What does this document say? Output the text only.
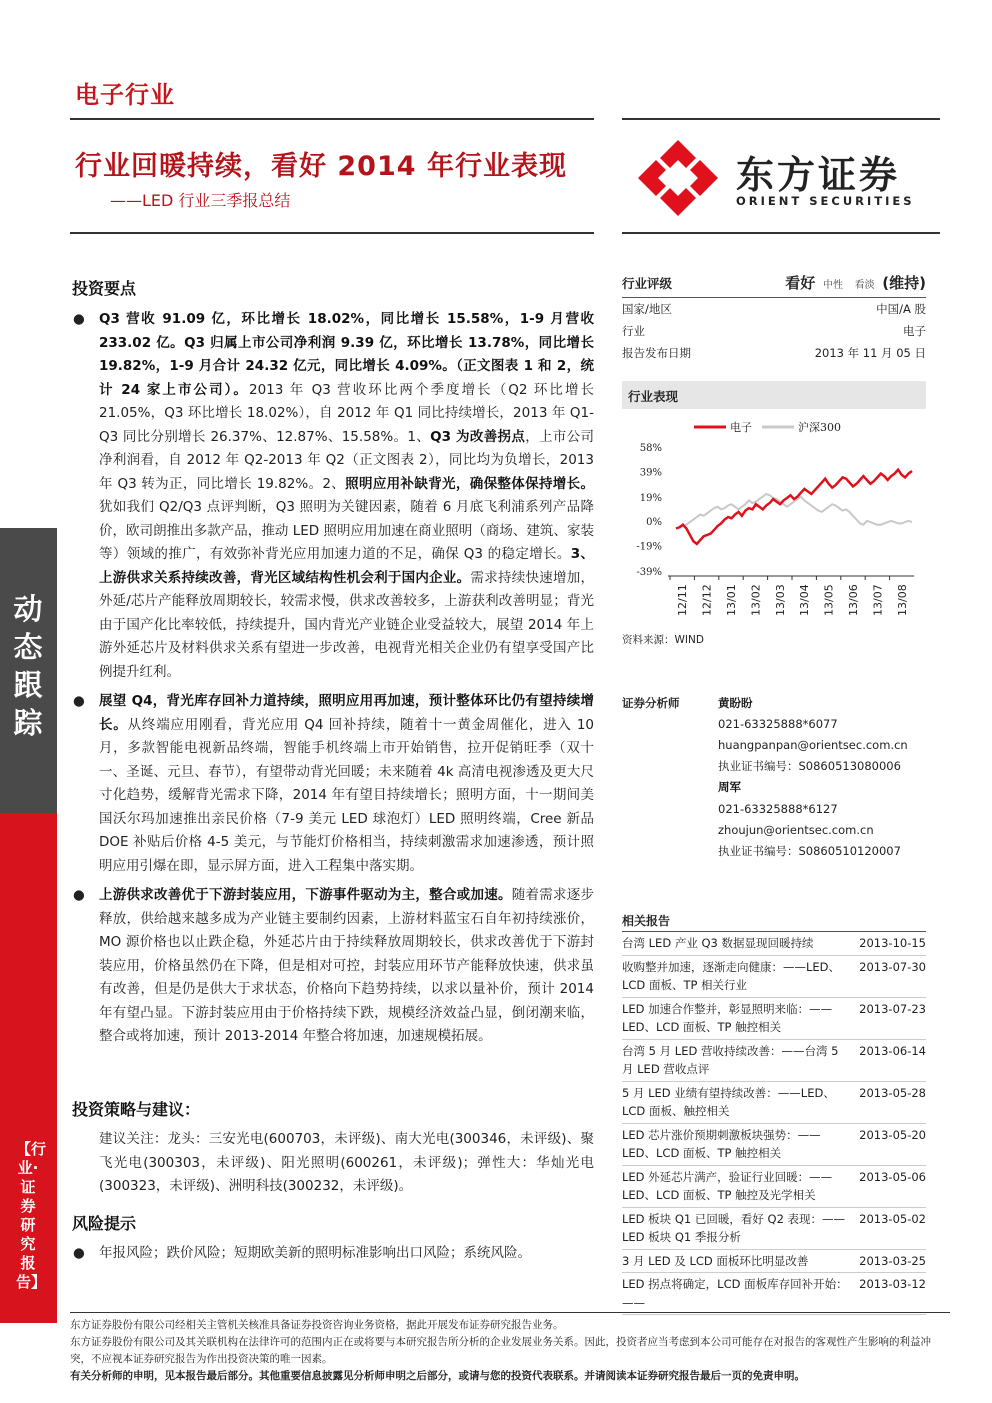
电子行业
行业回暖持续，看好 2014 年行业表现
——LED 行业三季报总结
东方证券
ORIENT SECURITIES
动态跟踪
【行业·证券研究报告】
投资要点
● Q3 营收 91.09 亿，环比增长 18.02%，同比增长 15.58%，1-9 月营收 233.02 亿。Q3 归属上市公司净利润 9.39 亿，环比增长 13.78%，同比增长 19.82%，1-9 月合计 24.32 亿元，同比增长 4.09%。（正文图表 1 和 2，统计 24 家上市公司）。2013 年 Q3 营收环比两个季度增长（Q2 环比增长 21.05%，Q3 环比增长 18.02%），自 2012 年 Q1 同比持续增长，2013 年 Q1-Q3 同比分别增长 26.37%、12.87%、15.58%。1、Q3 为改善拐点，上市公司净利润看，自 2012 年 Q2-2013 年 Q2（正文图表 2），同比均为负增长，2013 年 Q3 转为正，同比增长 19.82%。2、照明应用补缺背光，确保整体保持增长。犹如我们 Q2/Q3 点评判断，Q3 照明为关键因素，随着 6 月底飞利浦系列产品降价，欧司朗推出多款产品，推动 LED 照明应用加速在商业照明（商场、建筑、家装等）领域的推广，有效弥补背光应用加速力道的不足，确保 Q3 的稳定增长。3、上游供求关系持续改善，背光区域结构性机会利于国内企业。需求持续快速增加，外延/芯片产能释放周期较长，较需求慢，供求改善较多，上游获利改善明显；背光由于国产化比率较低，持续提升，国内背光产业链企业受益较大，展望 2014 年上游外延芯片及材料供求关系有望进一步改善，电视背光相关企业仍有望享受国产比例提升红利。
● 展望 Q4，背光库存回补力道持续，照明应用再加速，预计整体环比仍有望持续增长。从终端应用刚看，背光应用 Q4 回补持续，随着十一黄金周催化，进入 10 月，多款智能电视新品终端，智能手机终端上市开始销售，拉开促销旺季（双十一、圣诞、元旦、春节），有望带动背光回暖；未来随着 4k 高清电视渗透及更大尺寸化趋势，缓解背光需求下降，2014 年有望目持续增长；照明方面，十一期间美国沃尔玛加速推出亲民价格（7-9 美元 LED 球泡灯）LED 照明终端，Cree 新品 DOE 补贴后价格 4-5 美元，与节能灯价格相当，持续刺激需求加速渗透，预计照明应用引爆在即，显示屏方面，进入工程集中落实期。
● 上游供求改善优于下游封装应用，下游事件驱动为主，整合或加速。随着需求逐步释放，供给越来越多成为产业链主要制约因素，上游材料蓝宝石自年初持续涨价，MO 源价格也以止跌企稳，外延芯片由于持续释放周期较长，供求改善优于下游封装应用，价格虽然仍在下降，但是相对可控，封装应用环节产能释放快速，供求虽有改善，但是仍是供大于求状态，价格向下趋势持续，以求以量补价，预计 2014 年有望凸显。下游封装应用由于价格持续下跌，规模经济效益凸显，倒闭潮来临，整合或将加速，预计 2013-2014 年整合将加速，加速规模拓展。
投资策略与建议：
建议关注：龙头：三安光电(600703，未评级)、南大光电(300346，未评级)、聚飞光电(300303，未评级)、阳光照明(600261，未评级)；弹性大：华灿光电(300323，未评级)、洲明科技(300232，未评级)。
风险提示
● 年报风险；跌价风险；短期欧美新的照明标准影响出口风险；系统风险。
行业评级	看好 中性 看淡 (维持)
国家/地区	中国/A 股
行业	电子
报告发布日期	2013 年 11 月 05 日
行业表现
电子	沪深300
58%
39%
19%
0%
-19%
-39%
12/11 12/12 13/01 13/02 13/03 13/04 13/05 13/06 13/07 13/08
资料来源：WIND
证券分析师	黄盼盼
021-63325888*6077
huangpanpan@orientsec.com.cn
执业证书编号：S0860513080006
周军
021-63325888*6127
zhoujun@orientsec.com.cn
执业证书编号：S0860510120007
相关报告
台湾 LED 产业 Q3 数据显现回暖持续	2013-10-15
收购整并加速，逐渐走向健康：——LED、LCD 面板、TP 相关行业
2013-07-30
LED 加速合作整并，彰显照明来临：——LED、LCD 面板、TP 触控相关
2013-07-23
台湾 5 月 LED 营收持续改善：——台湾 5 月 LED 营收点评
2013-06-14
5 月 LED 业绩有望持续改善：——LED、LCD 面板、触控相关
2013-05-28
LED 芯片涨价预期刺激板块强势：——LED、LCD 面板、TP 触控相关
2013-05-20
LED 外延芯片满产，验证行业回暖：——LED、LCD 面板、TP 触控及光学相关
2013-05-06
LED 板块 Q1 已回暖，看好 Q2 表现：——LED 板块 Q1 季报分析
2013-05-02
3 月 LED 及 LCD 面板环比明显改善	2013-03-25
LED 拐点将确定，LCD 面板库存回补开始：——
2013-03-12
东方证券股份有限公司经相关主管机关核准具备证券投资咨询业务资格，据此开展发布证券研究报告业务。
东方证券股份有限公司及其关联机构在法律许可的范围内正在或将要与本研究报告所分析的企业发展业务关系。因此，投资者应当考虑到本公司可能存在对报告的客观性产生影响的利益冲突，不应视本证券研究报告为作出投资决策的唯一因素。
有关分析师的申明，见本报告最后部分。其他重要信息披露见分析师申明之后部分，或请与您的投资代表联系。并请阅读本证券研究报告最后一页的免责申明。
